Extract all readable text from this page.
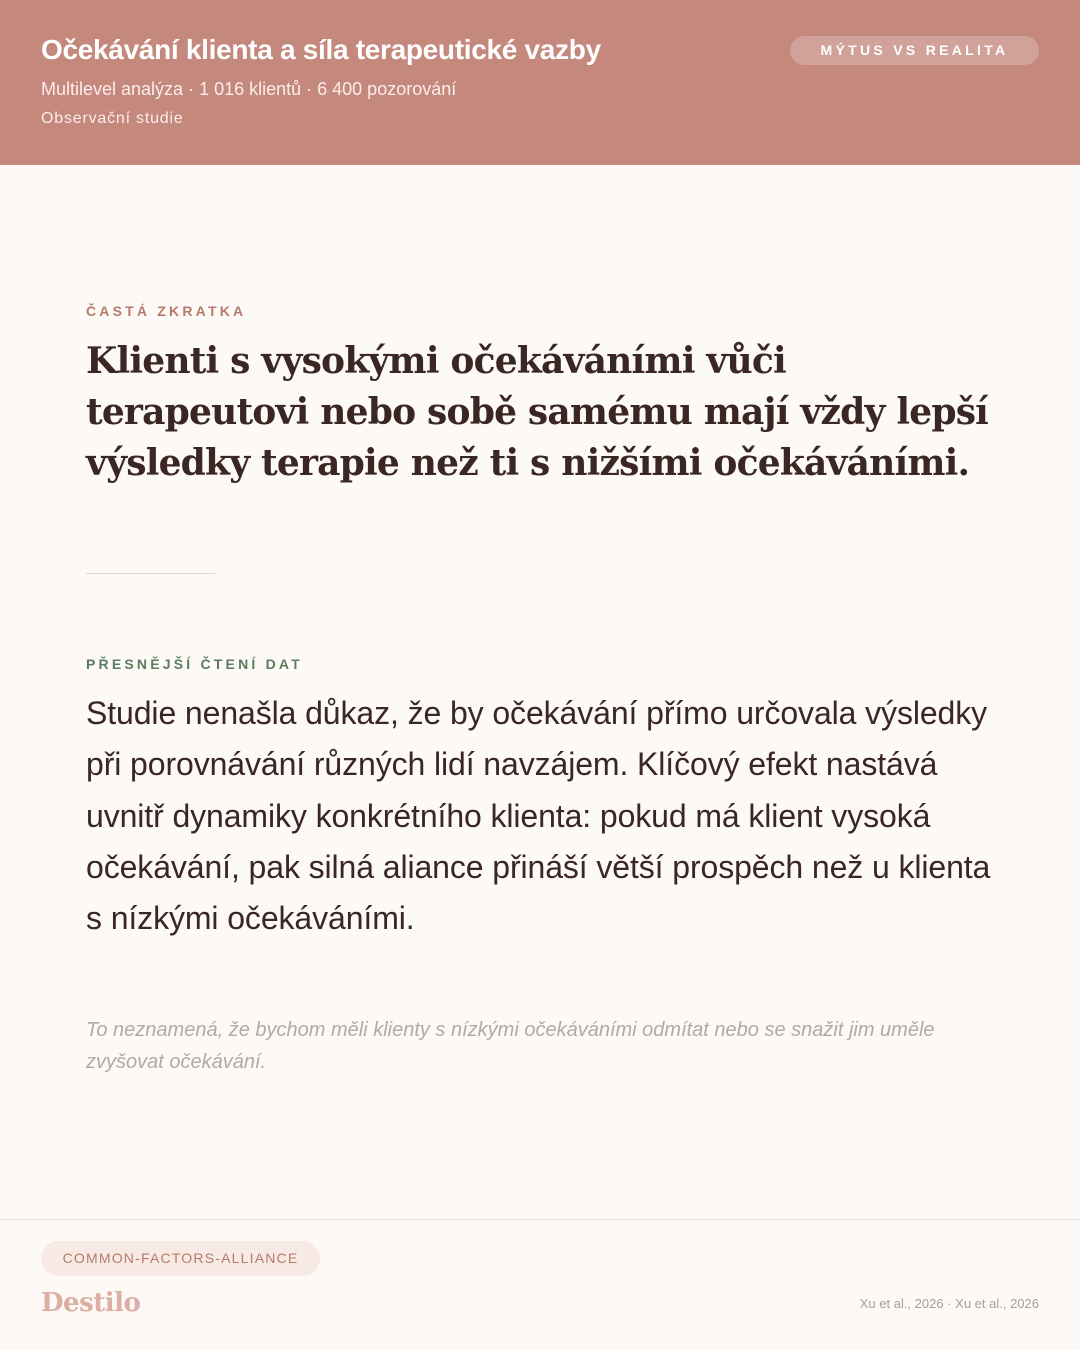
Očekávání klienta a síla terapeutické vazby
Multilevel analýza · 1 016 klientů · 6 400 pozorování
Observační studie
MÝTUS VS REALITA
ČASTÁ ZKRATKA

Klienti s vysokými očekáváními vůči terapeutovi nebo sobě samému mají vždy lepší výsledky terapie než ti s nižšími očekáváními.

PŘESNĚJŠÍ ČTENÍ DAT

Studie nenašla důkaz, že by očekávání přímo určovala výsledky při porovnávání různých lidí navzájem. Klíčový efekt nastává uvnitř dynamiky konkrétního klienta: pokud má klient vysoká očekávání, pak silná aliance přináší větší prospěch než u klienta s nízkými očekáváními.

To neznamená, že bychom měli klienty s nízkými očekáváními odmítat nebo se snažit jim uměle zvyšovat očekávání.

COMMON-FACTORS-ALLIANCE
Destilo	Xu et al., 2026 · Xu et al., 2026
